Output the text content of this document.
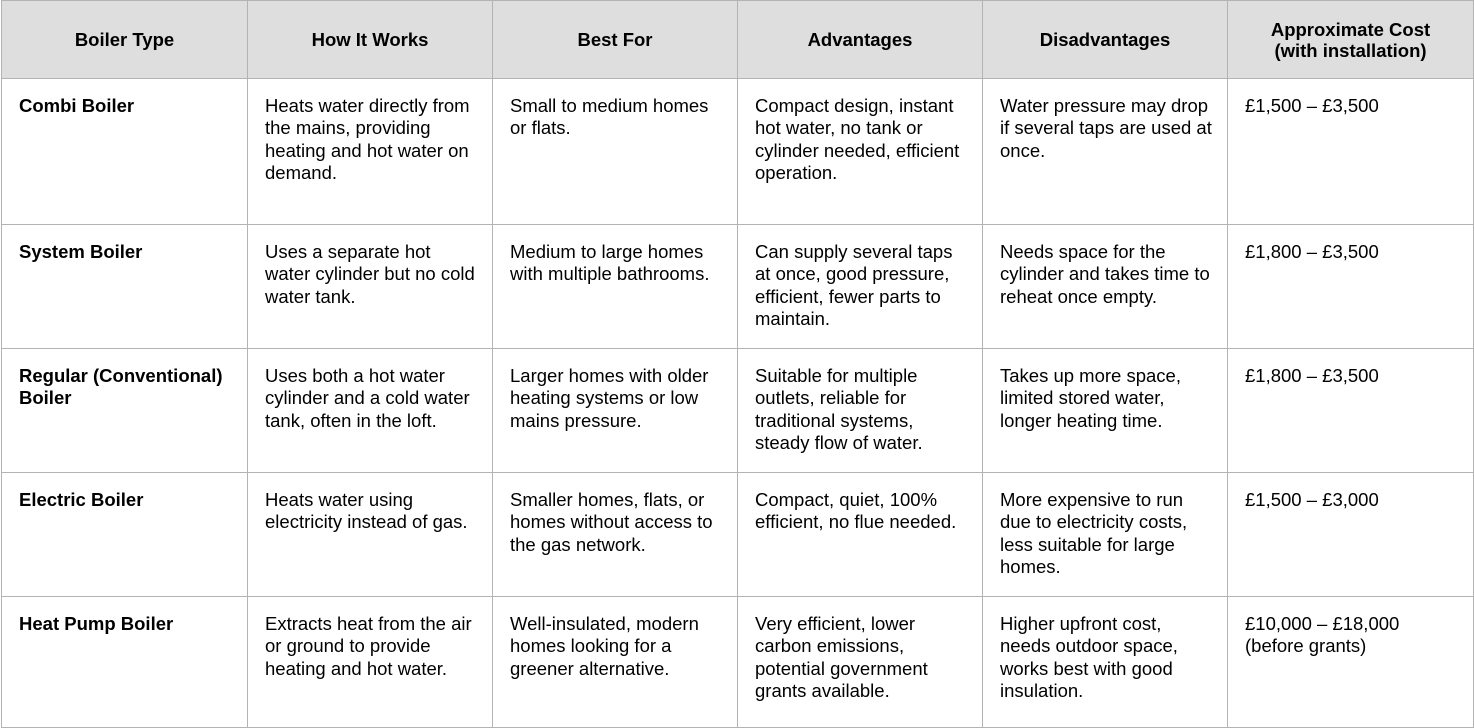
Boiler Type	How It Works	Best For	Advantages	Disadvantages	Approximate Cost
(with installation)

Combi Boiler	Heats water directly from the mains, providing heating and hot water on demand.	Small to medium homes or flats.	Compact design, instant hot water, no tank or cylinder needed, efficient operation.	Water pressure may drop if several taps are used at once.	£1,500 – £3,500

System Boiler	Uses a separate hot water cylinder but no cold water tank.	Medium to large homes with multiple bathrooms.	Can supply several taps at once, good pressure, efficient, fewer parts to maintain.	Needs space for the cylinder and takes time to reheat once empty.	£1,800 – £3,500

Regular (Conventional) Boiler	Uses both a hot water cylinder and a cold water tank, often in the loft.	Larger homes with older heating systems or low mains pressure.	Suitable for multiple outlets, reliable for traditional systems, steady flow of water.	Takes up more space, limited stored water, longer heating time.	£1,800 – £3,500

Electric Boiler	Heats water using electricity instead of gas.	Smaller homes, flats, or homes without access to the gas network.	Compact, quiet, 100% efficient, no flue needed.	More expensive to run due to electricity costs, less suitable for large homes.	£1,500 – £3,000

Heat Pump Boiler	Extracts heat from the air or ground to provide heating and hot water.	Well-insulated, modern homes looking for a greener alternative.	Very efficient, lower carbon emissions, potential government grants available.	Higher upfront cost, needs outdoor space, works best with good insulation.	£10,000 – £18,000 (before grants)
